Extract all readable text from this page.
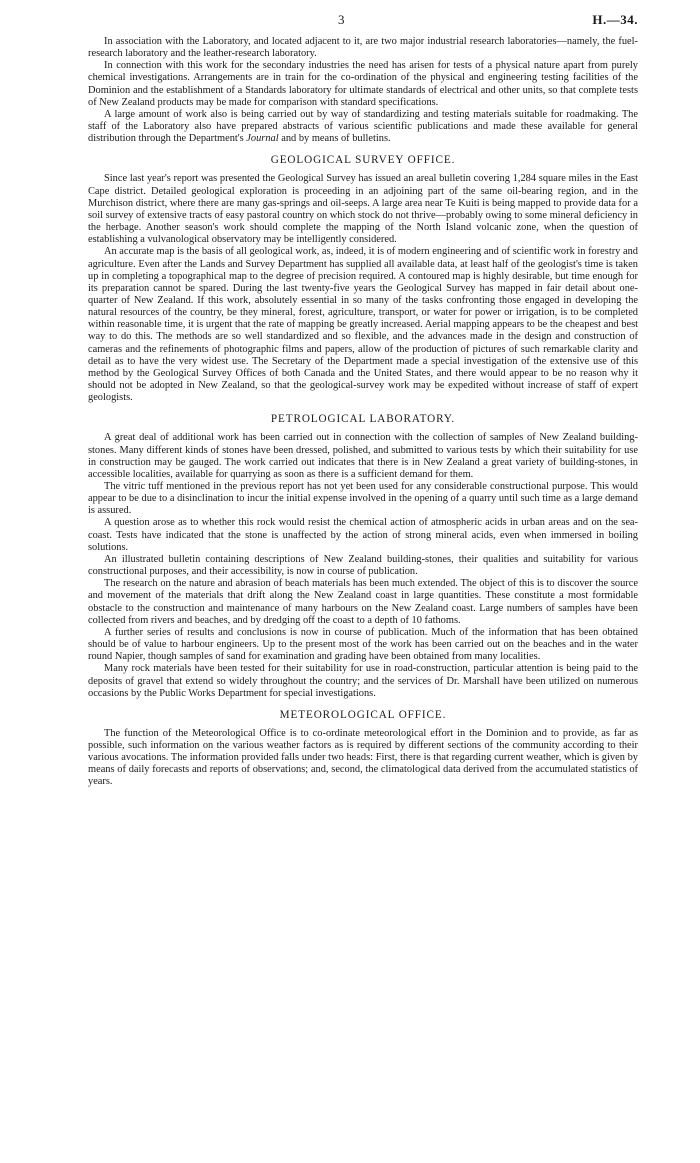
3	H.—34.

In association with the Laboratory, and located adjacent to it, are two major industrial research laboratories—namely, the fuel-research laboratory and the leather-research laboratory.

In connection with this work for the secondary industries the need has arisen for tests of a physical nature apart from purely chemical investigations. Arrangements are in train for the co-ordination of the physical and engineering testing facilities of the Dominion and the establishment of a Standards laboratory for ultimate standards of electrical and other units, so that complete tests of New Zealand products may be made for comparison with standard specifications.

A large amount of work also is being carried out by way of standardizing and testing materials suitable for roadmaking. The staff of the Laboratory also have prepared abstracts of various scientific publications and made these available for general distribution through the Department's Journal and by means of bulletins.

GEOLOGICAL SURVEY OFFICE.

Since last year's report was presented the Geological Survey has issued an areal bulletin covering 1,284 square miles in the East Cape district. Detailed geological exploration is proceeding in an adjoining part of the same oil-bearing region, and in the Murchison district, where there are many gas-springs and oil-seeps. A large area near Te Kuiti is being mapped to provide data for a soil survey of extensive tracts of easy pastoral country on which stock do not thrive—probably owing to some mineral deficiency in the herbage. Another season's work should complete the mapping of the North Island volcanic zone, when the question of establishing a vulvanological observatory may be intelligently considered.

An accurate map is the basis of all geological work, as, indeed, it is of modern engineering and of scientific work in forestry and agriculture. Even after the Lands and Survey Department has supplied all available data, at least half of the geologist's time is taken up in completing a topographical map to the degree of precision required. A contoured map is highly desirable, but time enough for its preparation cannot be spared. During the last twenty-five years the Geological Survey has mapped in fair detail about one-quarter of New Zealand. If this work, absolutely essential in so many of the tasks confronting those engaged in developing the natural resources of the country, be they mineral, forest, agriculture, transport, or water for power or irrigation, is to be completed within reasonable time, it is urgent that the rate of mapping be greatly increased. Aerial mapping appears to be the cheapest and best way to do this. The methods are so well standardized and so flexible, and the advances made in the design and construction of cameras and the refinements of photographic films and papers, allow of the production of pictures of such remarkable clarity and detail as to have the very widest use. The Secretary of the Department made a special investigation of the extensive use of this method by the Geological Survey Offices of both Canada and the United States, and there would appear to be no reason why it should not be adopted in New Zealand, so that the geological-survey work may be expedited without increase of staff of expert geologists.

PETROLOGICAL LABORATORY.

A great deal of additional work has been carried out in connection with the collection of samples of New Zealand building-stones. Many different kinds of stones have been dressed, polished, and submitted to various tests by which their suitability for use in construction may be gauged. The work carried out indicates that there is in New Zealand a great variety of building-stones, in accessible localities, available for quarrying as soon as there is a sufficient demand for them.

The vitric tuff mentioned in the previous report has not yet been used for any considerable constructional purpose. This would appear to be due to a disinclination to incur the initial expense involved in the opening of a quarry until such time as a large demand is assured.

A question arose as to whether this rock would resist the chemical action of atmospheric acids in urban areas and on the sea-coast. Tests have indicated that the stone is unaffected by the action of strong mineral acids, even when immersed in boiling solutions.

An illustrated bulletin containing descriptions of New Zealand building-stones, their qualities and suitability for various constructional purposes, and their accessibility, is now in course of publication.

The research on the nature and abrasion of beach materials has been much extended. The object of this is to discover the source and movement of the materials that drift along the New Zealand coast in large quantities. These constitute a most formidable obstacle to the construction and maintenance of many harbours on the New Zealand coast. Large numbers of samples have been collected from rivers and beaches, and by dredging off the coast to a depth of 10 fathoms.

A further series of results and conclusions is now in course of publication. Much of the information that has been obtained should be of value to harbour engineers. Up to the present most of the work has been carried out on the beaches and in the water round Napier, though samples of sand for examination and grading have been obtained from many localities.

Many rock materials have been tested for their suitability for use in road-construction, particular attention is being paid to the deposits of gravel that extend so widely throughout the country; and the services of Dr. Marshall have been utilized on numerous occasions by the Public Works Department for special investigations.

METEOROLOGICAL OFFICE.

The function of the Meteorological Office is to co-ordinate meteorological effort in the Dominion and to provide, as far as possible, such information on the various weather factors as is required by different sections of the community according to their various avocations. The information provided falls under two heads: First, there is that regarding current weather, which is given by means of daily forecasts and reports of observations; and, second, the climatological data derived from the accumulated statistics of years.
